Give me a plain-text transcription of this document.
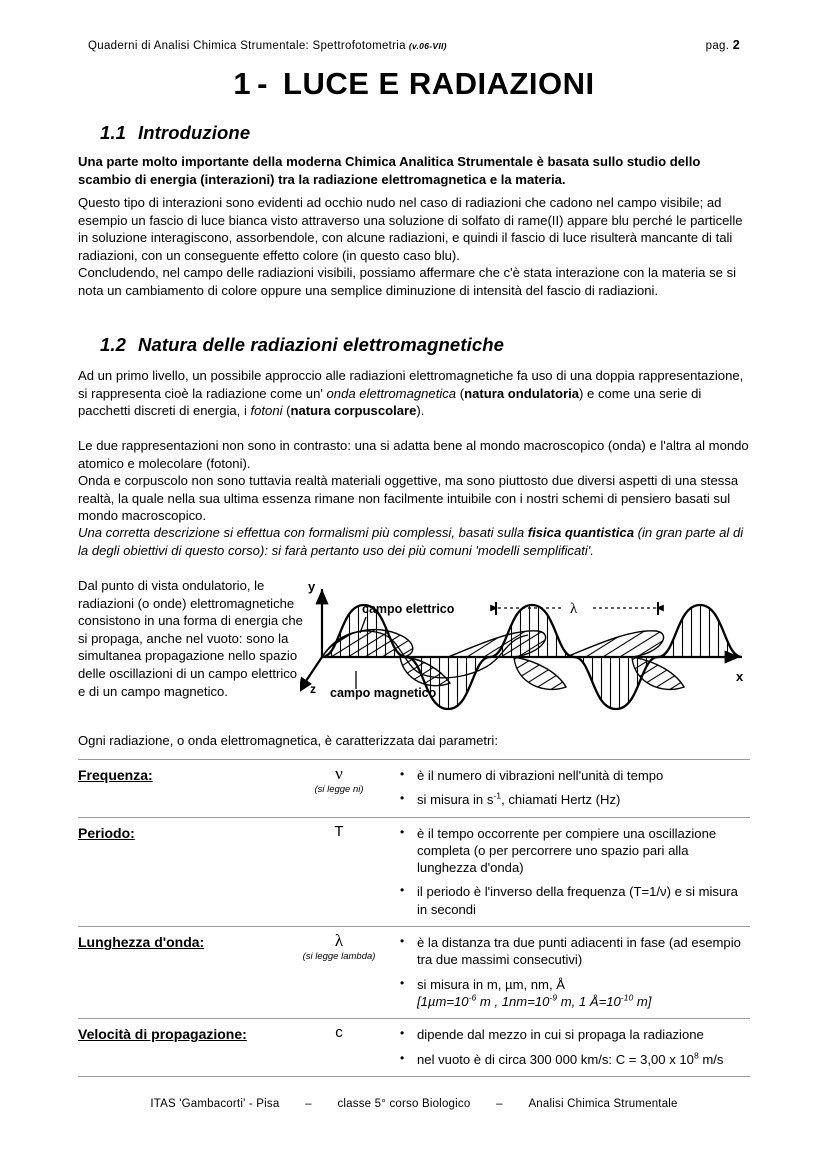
Quaderni di Analisi Chimica Strumentale: Spettrofotometria (v.06-VII)	pag. 2
1 - LUCE E RADIAZIONI
1.1 Introduzione
Una parte molto importante della moderna Chimica Analitica Strumentale è basata sullo studio dello scambio di energia (interazioni) tra la radiazione elettromagnetica e la materia.
Questo tipo di interazioni sono evidenti ad occhio nudo nel caso di radiazioni che cadono nel campo visibile; ad esempio un fascio di luce bianca visto attraverso una soluzione di solfato di rame(II) appare blu perché le particelle in soluzione interagiscono, assorbendole, con alcune radiazioni, e quindi il fascio di luce risulterà mancante di tali radiazioni, con un conseguente effetto colore (in questo caso blu).
Concludendo, nel campo delle radiazioni visibili, possiamo affermare che c'è stata interazione con la materia se si nota un cambiamento di colore oppure una semplice diminuzione di intensità del fascio di radiazioni.
1.2 Natura delle radiazioni elettromagnetiche
Ad un primo livello, un possibile approccio alle radiazioni elettromagnetiche fa uso di una doppia rappresentazione, si rappresenta cioè la radiazione come un' onda elettromagnetica (natura ondulatoria) e come una serie di pacchetti discreti di energia, i fotoni (natura corpuscolare).
Le due rappresentazioni non sono in contrasto: una si adatta bene al mondo macroscopico (onda) e l'altra al mondo atomico e molecolare (fotoni).
Onda e corpuscolo non sono tuttavia realtà materiali oggettive, ma sono piuttosto due diversi aspetti di una stessa realtà, la quale nella sua ultima essenza rimane non facilmente intuibile con i nostri schemi di pensiero basati sul mondo macroscopico.
Una corretta descrizione si effettua con formalismi più complessi, basati sulla fisica quantistica (in gran parte al di la degli obiettivi di questo corso): si farà pertanto uso dei più comuni 'modelli semplificati'.
Dal punto di vista ondulatorio, le radiazioni (o onde) elettromagnetiche consistono in una forma di energia che si propaga, anche nel vuoto: sono la simultanea propagazione nello spazio delle oscillazioni di un campo elettrico e di un campo magnetico.
y
x
z
campo elettrico
campo magnetico
λ
Ogni radiazione, o onda elettromagnetica, è caratterizzata dai parametri:
Frequenza:	ν
(si legge ni)

• è il numero di vibrazioni nell'unità di tempo
• si misura in $s^{-1}$, chiamati Hertz (Hz)

Periodo:	T

•è il tempo occorrente per compiere una oscillazione completa (o per percorrere uno spazio pari alla lunghezza d'onda)
• il periodo è l'inverso della frequenza (T=1/ν) e si misura in secondi

Lunghezza d'onda:	λ
(si legge lambda)

• è la distanza tra due punti adiacenti in fase (ad esempio tra due massimi consecutivi)
• si misura in m, µm, nm, Å
[$1\mu m=10^{-6}$ m , $1nm=10^{-9}$ m, 1 $Å=10^{-10}$ m]

Velocità di propagazione:	c

•dipende dal mezzo in cui si propaga la radiazione
• nel vuoto è di circa 300 000 km/s: C = 3,00 x $10^8$ m/s
ITAS 'Gambacorti' - Pisa – classe 5° corso Biologico – Analisi Chimica Strumentale
